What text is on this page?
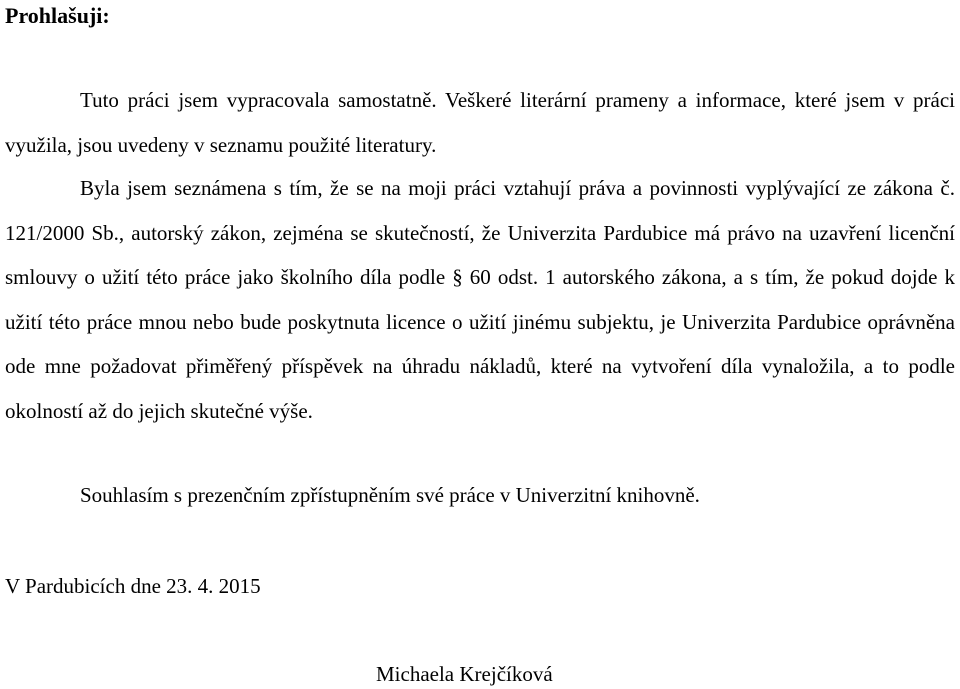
Prohlašuji:

Tuto práci jsem vypracovala samostatně. Veškeré literární prameny a informace, které jsem v práci využila, jsou uvedeny v seznamu použité literatury.

Byla jsem seznámena s tím, že se na moji práci vztahují práva a povinnosti vyplývající ze zákona č. 121/2000 Sb., autorský zákon, zejména se skutečností, že Univerzita Pardubice má právo na uzavření licenční smlouvy o užití této práce jako školního díla podle § 60 odst. 1 autorského zákona, a s tím, že pokud dojde k užití této práce mnou nebo bude poskytnuta licence o užití jinému subjektu, je Univerzita Pardubice oprávněna ode mne požadovat přiměřený příspěvek na úhradu nákladů, které na vytvoření díla vynaložila, a to podle okolností až do jejich skutečné výše.

Souhlasím s prezenčním zpřístupněním své práce v Univerzitní knihovně.

V Pardubicích dne 23. 4. 2015

Michaela Krejčíková
